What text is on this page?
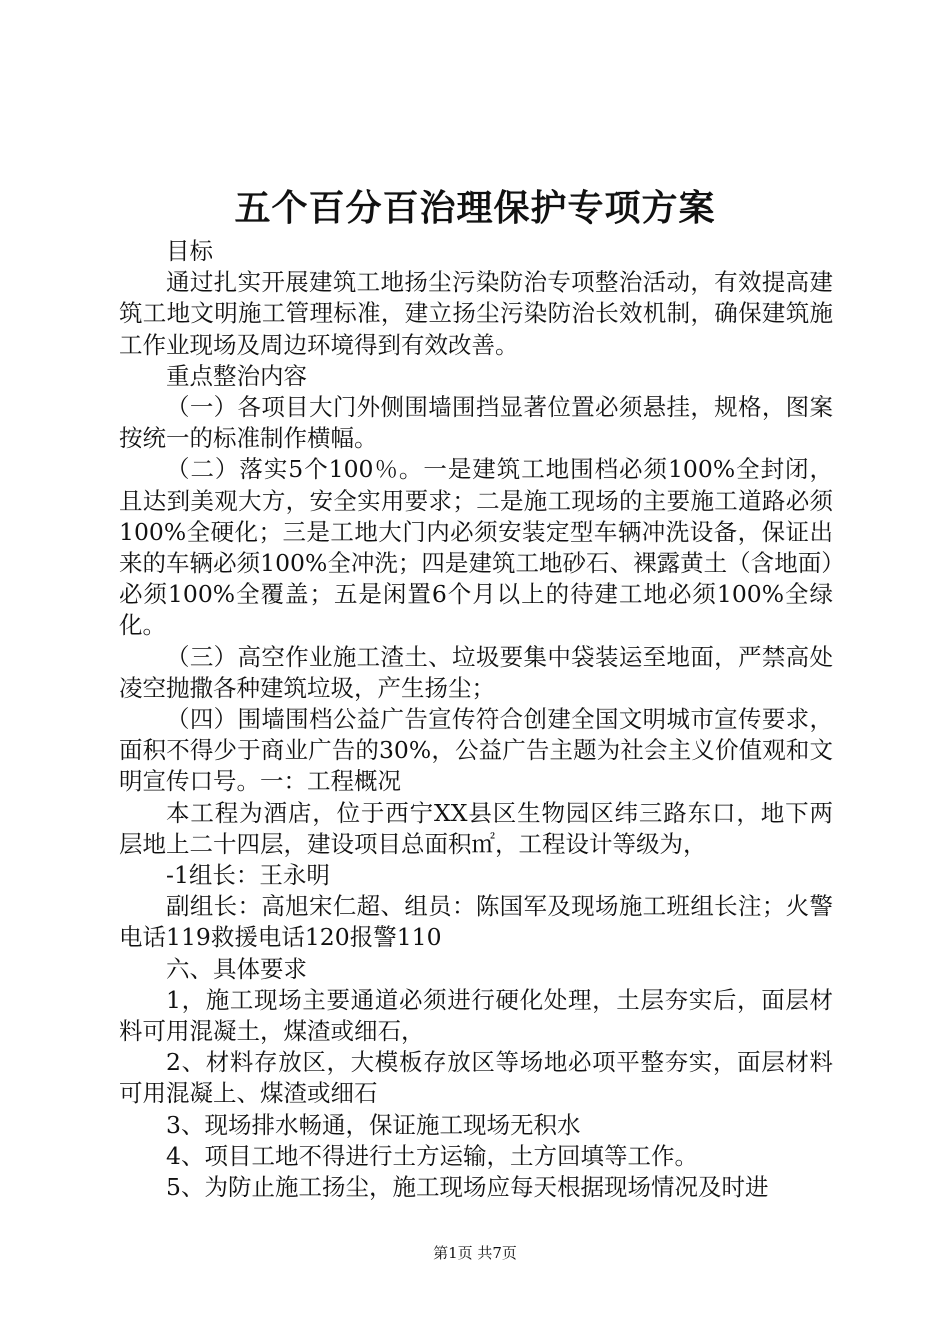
五个百分百治理保护专项方案

目标

通过扎实开展建筑工地扬尘污染防治专项整治活动，有效提高建筑工地文明施工管理标准，建立扬尘污染防治长效机制，确保建筑施工作业现场及周边环境得到有效改善。

重点整治内容

（一）各项目大门外侧围墙围挡显著位置必须悬挂，规格，图案按统一的标准制作横幅。

（二）落实5个100％。一是建筑工地围档必须100%全封闭，且达到美观大方，安全实用要求；二是施工现场的主要施工道路必须100%全硬化；三是工地大门内必须安装定型车辆冲洗设备，保证出来的车辆必须100%全冲洗；四是建筑工地砂石、裸露黄土（含地面）必须100%全覆盖；五是闲置6个月以上的待建工地必须100%全绿化。

（三）高空作业施工渣土、垃圾要集中袋装运至地面，严禁高处凌空抛撒各种建筑垃圾，产生扬尘；

（四）围墙围档公益广告宣传符合创建全国文明城市宣传要求，面积不得少于商业广告的30%，公益广告主题为社会主义价值观和文明宣传口号。一：工程概况

本工程为酒店，位于西宁XX县区生物园区纬三路东口，地下两层地上二十四层，建设项目总面积㎡，工程设计等级为，

-1组长：王永明

副组长：高旭宋仁超、组员：陈国军及现场施工班组长注；火警电话119救援电话120报警110

六、具体要求

1，施工现场主要通道必须进行硬化处理，土层夯实后，面层材料可用混凝土，煤渣或细石，

2、材料存放区，大模板存放区等场地必项平整夯实，面层材料可用混凝上、煤渣或细石

3、现场排水畅通，保证施工现场无积水

4、项目工地不得进行土方运输，土方回填等工作。

5、为防止施工扬尘，施工现场应每天根据现场情况及时进

第1页 共7页
